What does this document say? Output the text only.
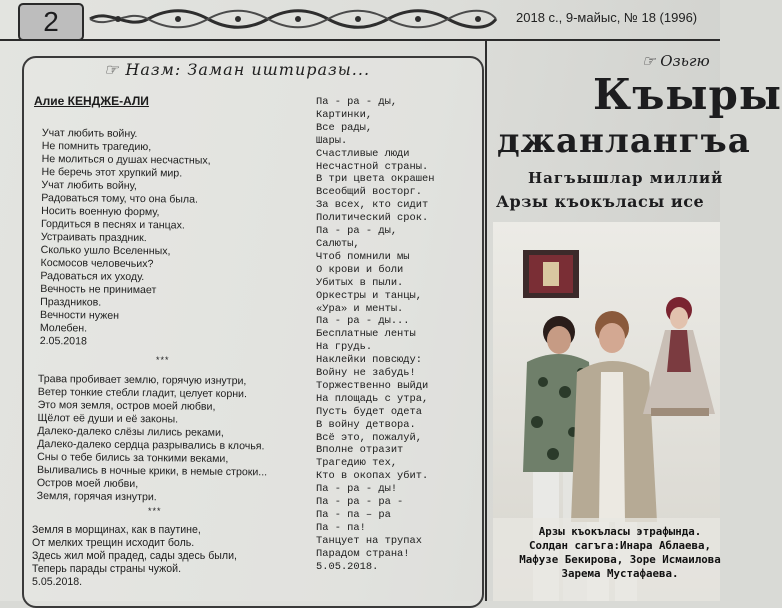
2	2018 с., 9-майыс, № 18 (1996)
☞ Назм: Заман иштиразы...
Алие КЕНДЖЕ-АЛИ
Учат любить войну.
Не помнить трагедию,
Не молиться о душах несчастных,
Не беречь этот хрупкий мир.
Учат любить войну,
Радоваться тому, что она была.
Носить военную форму,
Гордиться в песнях и танцах.
Устраивать праздник.
Сколько ушло Вселенных,
Космосов человечьих?
Радоваться их уходу.
Вечность не принимает
Праздников.
Вечности нужен
Молебен.
2.05.2018
***
Трава пробивает землю, горячую изнутри,
Ветер тонкие стебли гладит, целует корни.
Это моя земля, остров моей любви,
Щёлот её души и её законы.
Далеко-далеко слёзы лились реками,
Далеко-далеко сердца разрывались в клочья.
Сны о тебе бились за тонкими веками,
Выливались в ночные крики, в немые строки...
Остров моей любви,
Земля, горячая изнутри.
***
Земля в морщинах, как в паутине,
От мелких трещин исходит боль.
Здесь жил мой прадед, сады здесь были,
Теперь парады страны чужой.
5.05.2018.
Па - ра - ды,
Картинки,
Все рады,
Шары.
Счастливые люди
Несчастной страны.
В три цвета окрашен
Всеобщий восторг.
За всех, кто сидит
Политический срок.
Па - ра - ды,
Салюты,
Чтоб помнили мы
О крови и боли
Убитых в пыли.
Оркестры и танцы,
«Ура» и менты.
Па - ра - ды...
Бесплатные ленты
На грудь.
Наклейки повсюду:
Войну не забудь!
Торжественно выйди
На площадь с утра,
Пусть будет одета
В войну детвора.
Всё это, пожалуй,
Вполне отразит
Трагедию тех,
Кто в окопах убит.
Па - ра - ды!
Па - ра - ра -
Па - па – ра
Па - па!
Танцует на трупах
Парадом страна!
5.05.2018.
☞ Озьгю
Къыры
джанлангъа
Нагъышлар миллий
Арзы къокъласы исе
Арзы къокъласы этрафында.
Солдан сагъга:Инара Аблаева,
Мафузе Бекирова, Зоре Исмаилова
Зарема Мустафаева.
